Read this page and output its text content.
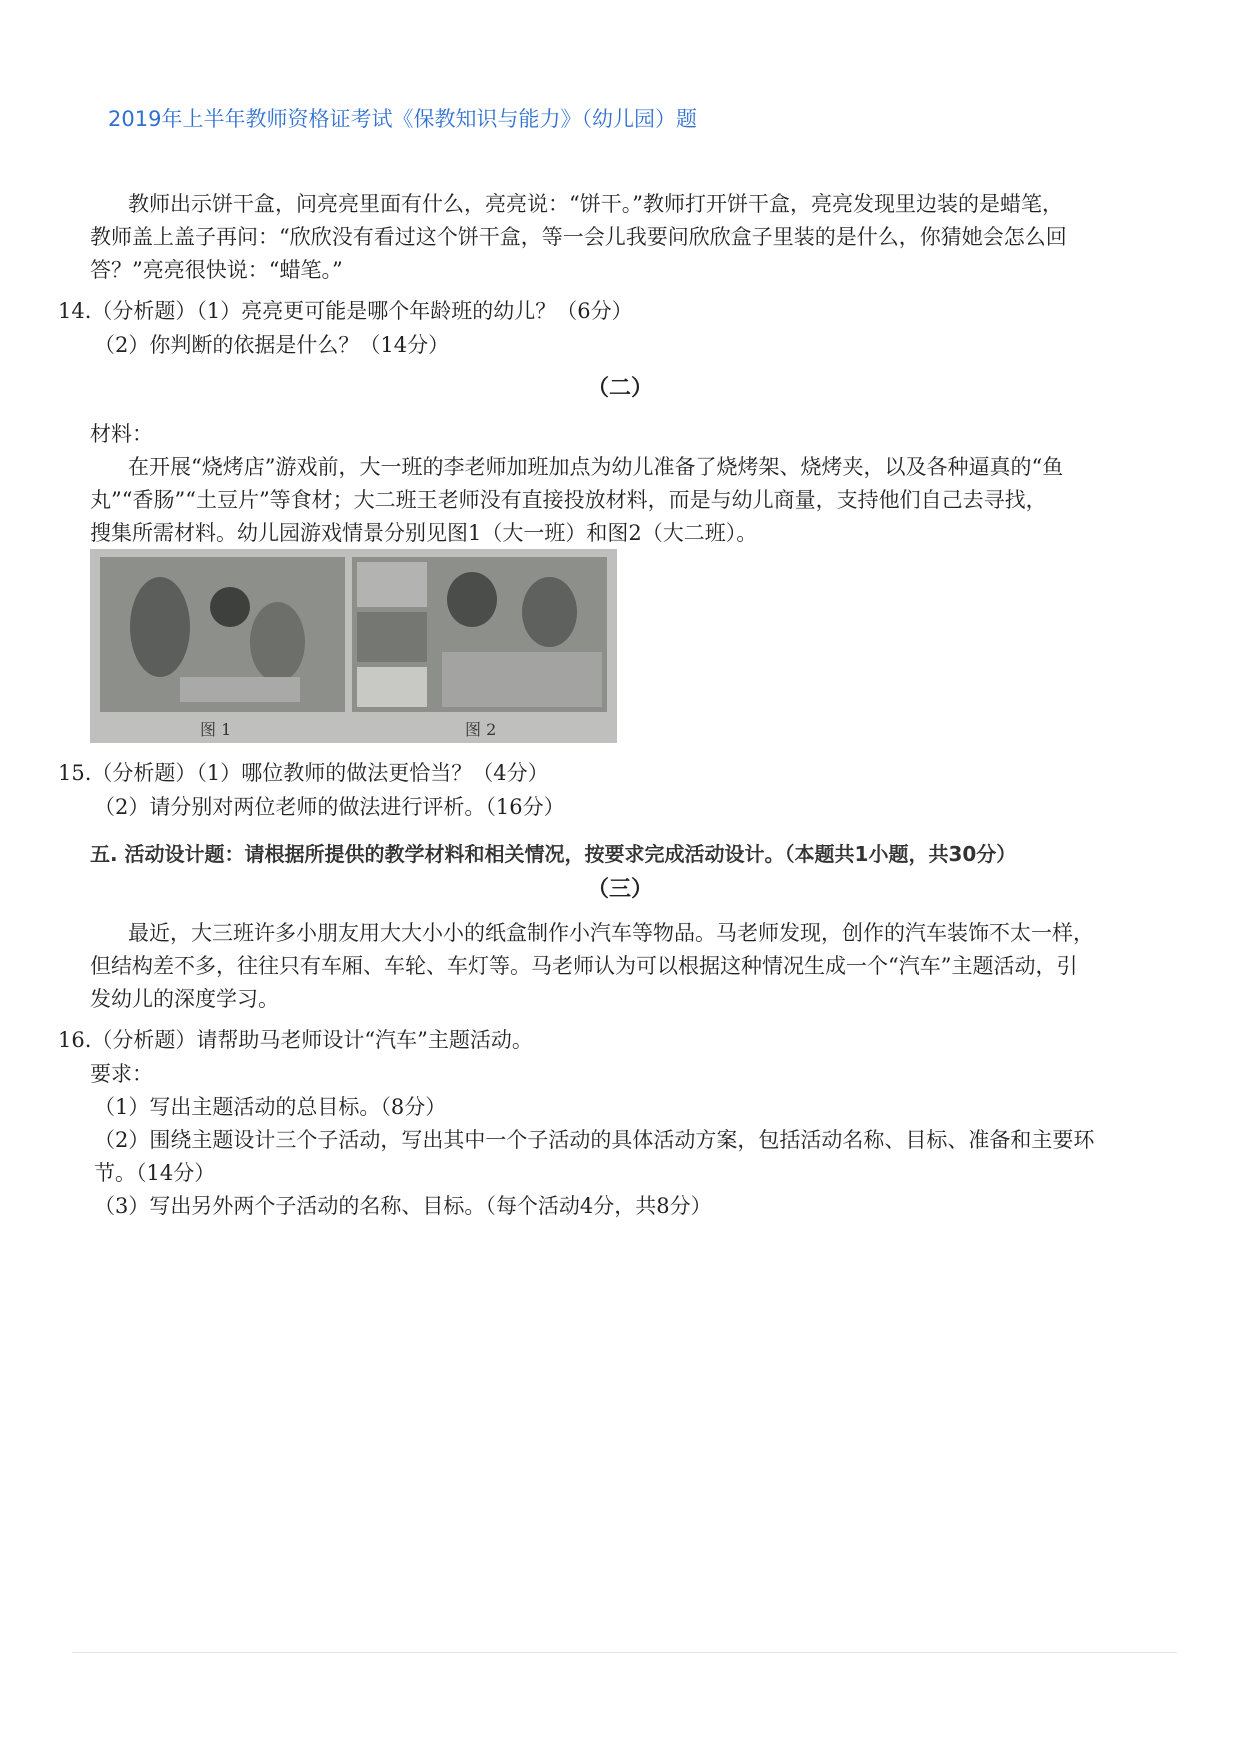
2019年上半年教师资格证考试《保教知识与能力》（幼儿园）题
教师出示饼干盒，问亮亮里面有什么，亮亮说：“饼干。”教师打开饼干盒，亮亮发现里边装的是蜡笔，
教师盖上盖子再问：“欣欣没有看过这个饼干盒，等一会儿我要问欣欣盒子里装的是什么，你猜她会怎么回
答？”亮亮很快说：“蜡笔。”
14.（分析题）（1）亮亮更可能是哪个年龄班的幼儿？（6分）
（2）你判断的依据是什么？（14分）
（二）
材料：
在开展“烧烤店”游戏前，大一班的李老师加班加点为幼儿准备了烧烤架、烧烤夹，以及各种逼真的“鱼
丸”“香肠”“土豆片”等食材；大二班王老师没有直接投放材料，而是与幼儿商量，支持他们自己去寻找，
搜集所需材料。幼儿园游戏情景分别见图1（大一班）和图2（大二班）。
图 1	图 2
15.（分析题）（1）哪位教师的做法更恰当？（4分）
（2）请分别对两位老师的做法进行评析。（16分）
五. 活动设计题：请根据所提供的教学材料和相关情况，按要求完成活动设计。（本题共1小题，共30分）
（三）
最近，大三班许多小朋友用大大小小的纸盒制作小汽车等物品。马老师发现，创作的汽车装饰不太一样，
但结构差不多，往往只有车厢、车轮、车灯等。马老师认为可以根据这种情况生成一个“汽车”主题活动，引
发幼儿的深度学习。
16.（分析题）请帮助马老师设计“汽车”主题活动。
要求：
（1）写出主题活动的总目标。（8分）
（2）围绕主题设计三个子活动，写出其中一个子活动的具体活动方案，包括活动名称、目标、准备和主要环
节。（14分）
（3）写出另外两个子活动的名称、目标。（每个活动4分，共8分）
